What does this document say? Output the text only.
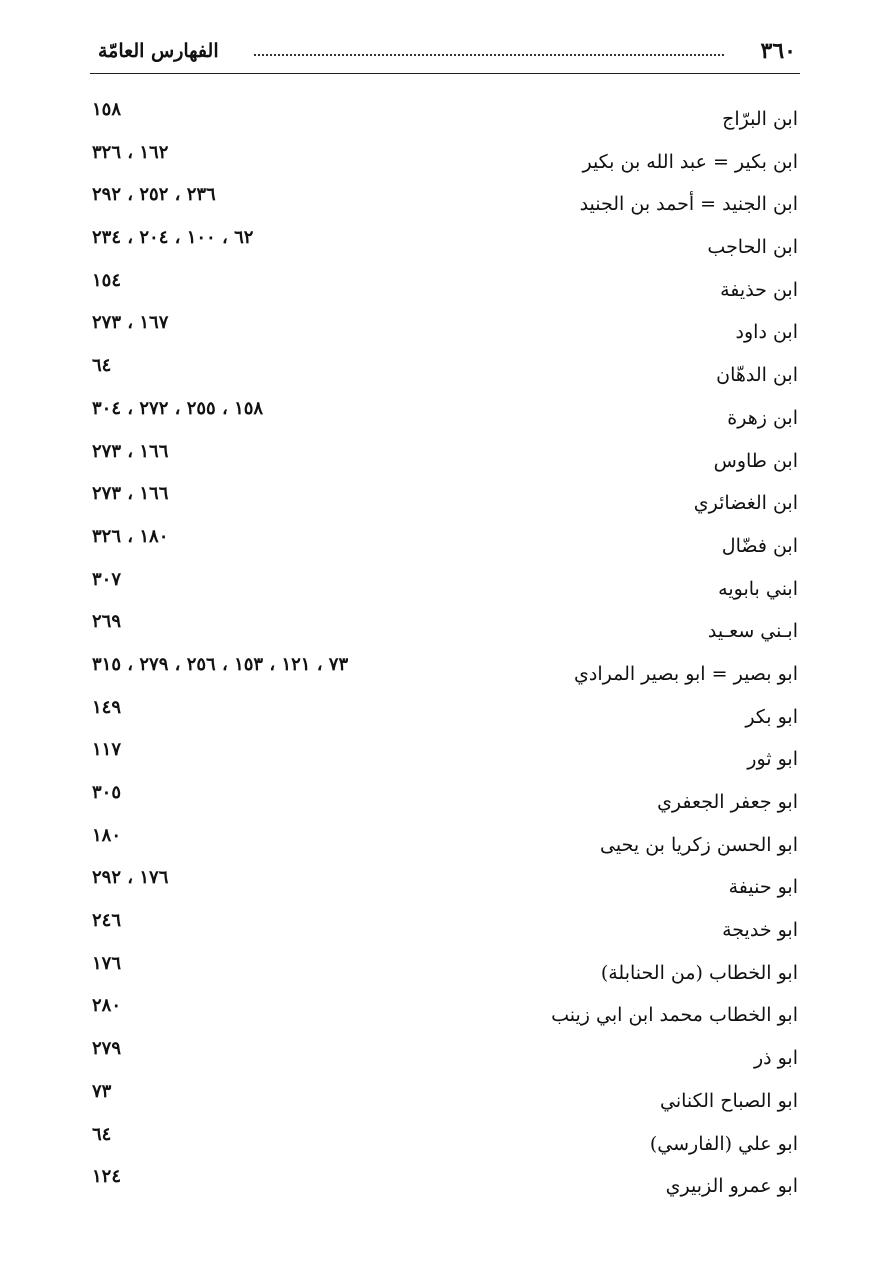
٣٦٠
الفهارس العامّة
ابن البرّاج
١٥٨
ابن بكير = عبد الله بن بكير
١٦٢ ، ٣٢٦
ابن الجنيد = أحمد بن الجنيد
٢٣٦ ، ٢٥٢ ، ٢٩٢
ابن الحاجب
٦٢ ، ١٠٠ ، ٢٠٤ ، ٢٣٤
ابن حذيفة
١٥٤
ابن داود
١٦٧ ، ٢٧٣
ابن الدهّان
٦٤
ابن زهرة
١٥٨ ، ٢٥٥ ، ٢٧٢ ، ٣٠٤
ابن طاوس
١٦٦ ، ٢٧٣
ابن الغضائري
١٦٦ ، ٢٧٣
ابن فضّال
١٨٠ ، ٣٢٦
ابني بابويه
٣٠٧
ابـني سعـيد
٢٦٩
ابو بصير = ابو بصير المرادي
٧٣ ، ١٢١ ، ١٥٣ ، ٢٥٦ ، ٢٧٩ ، ٣١٥
ابو بكر
١٤٩
ابو ثور
١١٧
ابو جعفر الجعفري
٣٠٥
ابو الحسن زكريا بن يحيى
١٨٠
ابو حنيفة
١٧٦ ، ٢٩٢
ابو خديجة
٢٤٦
ابو الخطاب (من الحنابلة)
١٧٦
ابو الخطاب محمد ابن ابي زينب
٢٨٠
ابو ذر
٢٧٩
ابو الصباح الكناني
٧٣
ابو علي (الفارسي)
٦٤
ابو عمرو الزبيري
١٢٤
